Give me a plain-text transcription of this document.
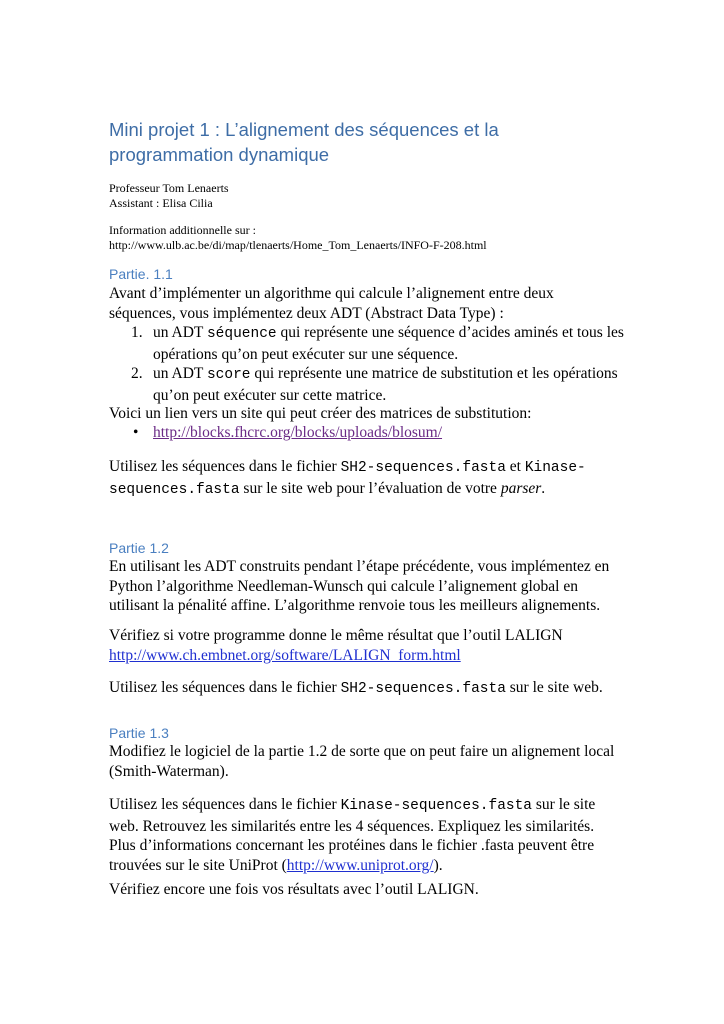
Mini projet 1 : L’alignement des séquences et la programmation dynamique
Professeur Tom Lenaerts
Assistant : Elisa Cilia
Information additionnelle sur :
http://www.ulb.ac.be/di/map/tlenaerts/Home_Tom_Lenaerts/INFO-F-208.html
Partie. 1.1

Avant d’implémenter un algorithme qui calcule l’alignement entre deux séquences, vous implémentez deux ADT (Abstract Data Type) :

1. un ADT séquence qui représente une séquence d’acides aminés et tous les opérations qu’on peut exécuter sur une séquence.
2. un ADT score qui représente une matrice de substitution et les opérations qu’on peut exécuter sur cette matrice.

Voici un lien vers un site qui peut créer des matrices de substitution:

• http://blocks.fhcrc.org/blocks/uploads/blosum/

Utilisez les séquences dans le fichier SH2-sequences.fasta et Kinase-
sequences.fasta sur le site web pour l’évaluation de votre parser.

Partie 1.2

En utilisant les ADT construits pendant l’étape précédente, vous implémentez en Python l’algorithme Needleman-Wunsch qui calcule l’alignement global en utilisant la pénalité affine. L’algorithme renvoie tous les meilleurs alignements.

Vérifiez si votre programme donne le même résultat que l’outil LALIGN
http://www.ch.embnet.org/software/LALIGN_form.html

Utilisez les séquences dans le fichier SH2-sequences.fasta sur le site web.

Partie 1.3

Modifiez le logiciel de la partie 1.2 de sorte que on peut faire un alignement local (Smith-Waterman).

Utilisez les séquences dans le fichier Kinase-sequences.fasta sur le site web. Retrouvez les similarités entre les 4 séquences. Expliquez les similarités. Plus d’informations concernant les protéines dans le fichier .fasta peuvent être trouvées sur le site UniProt (http://www.uniprot.org/).

Vérifiez encore une fois vos résultats avec l’outil LALIGN.
